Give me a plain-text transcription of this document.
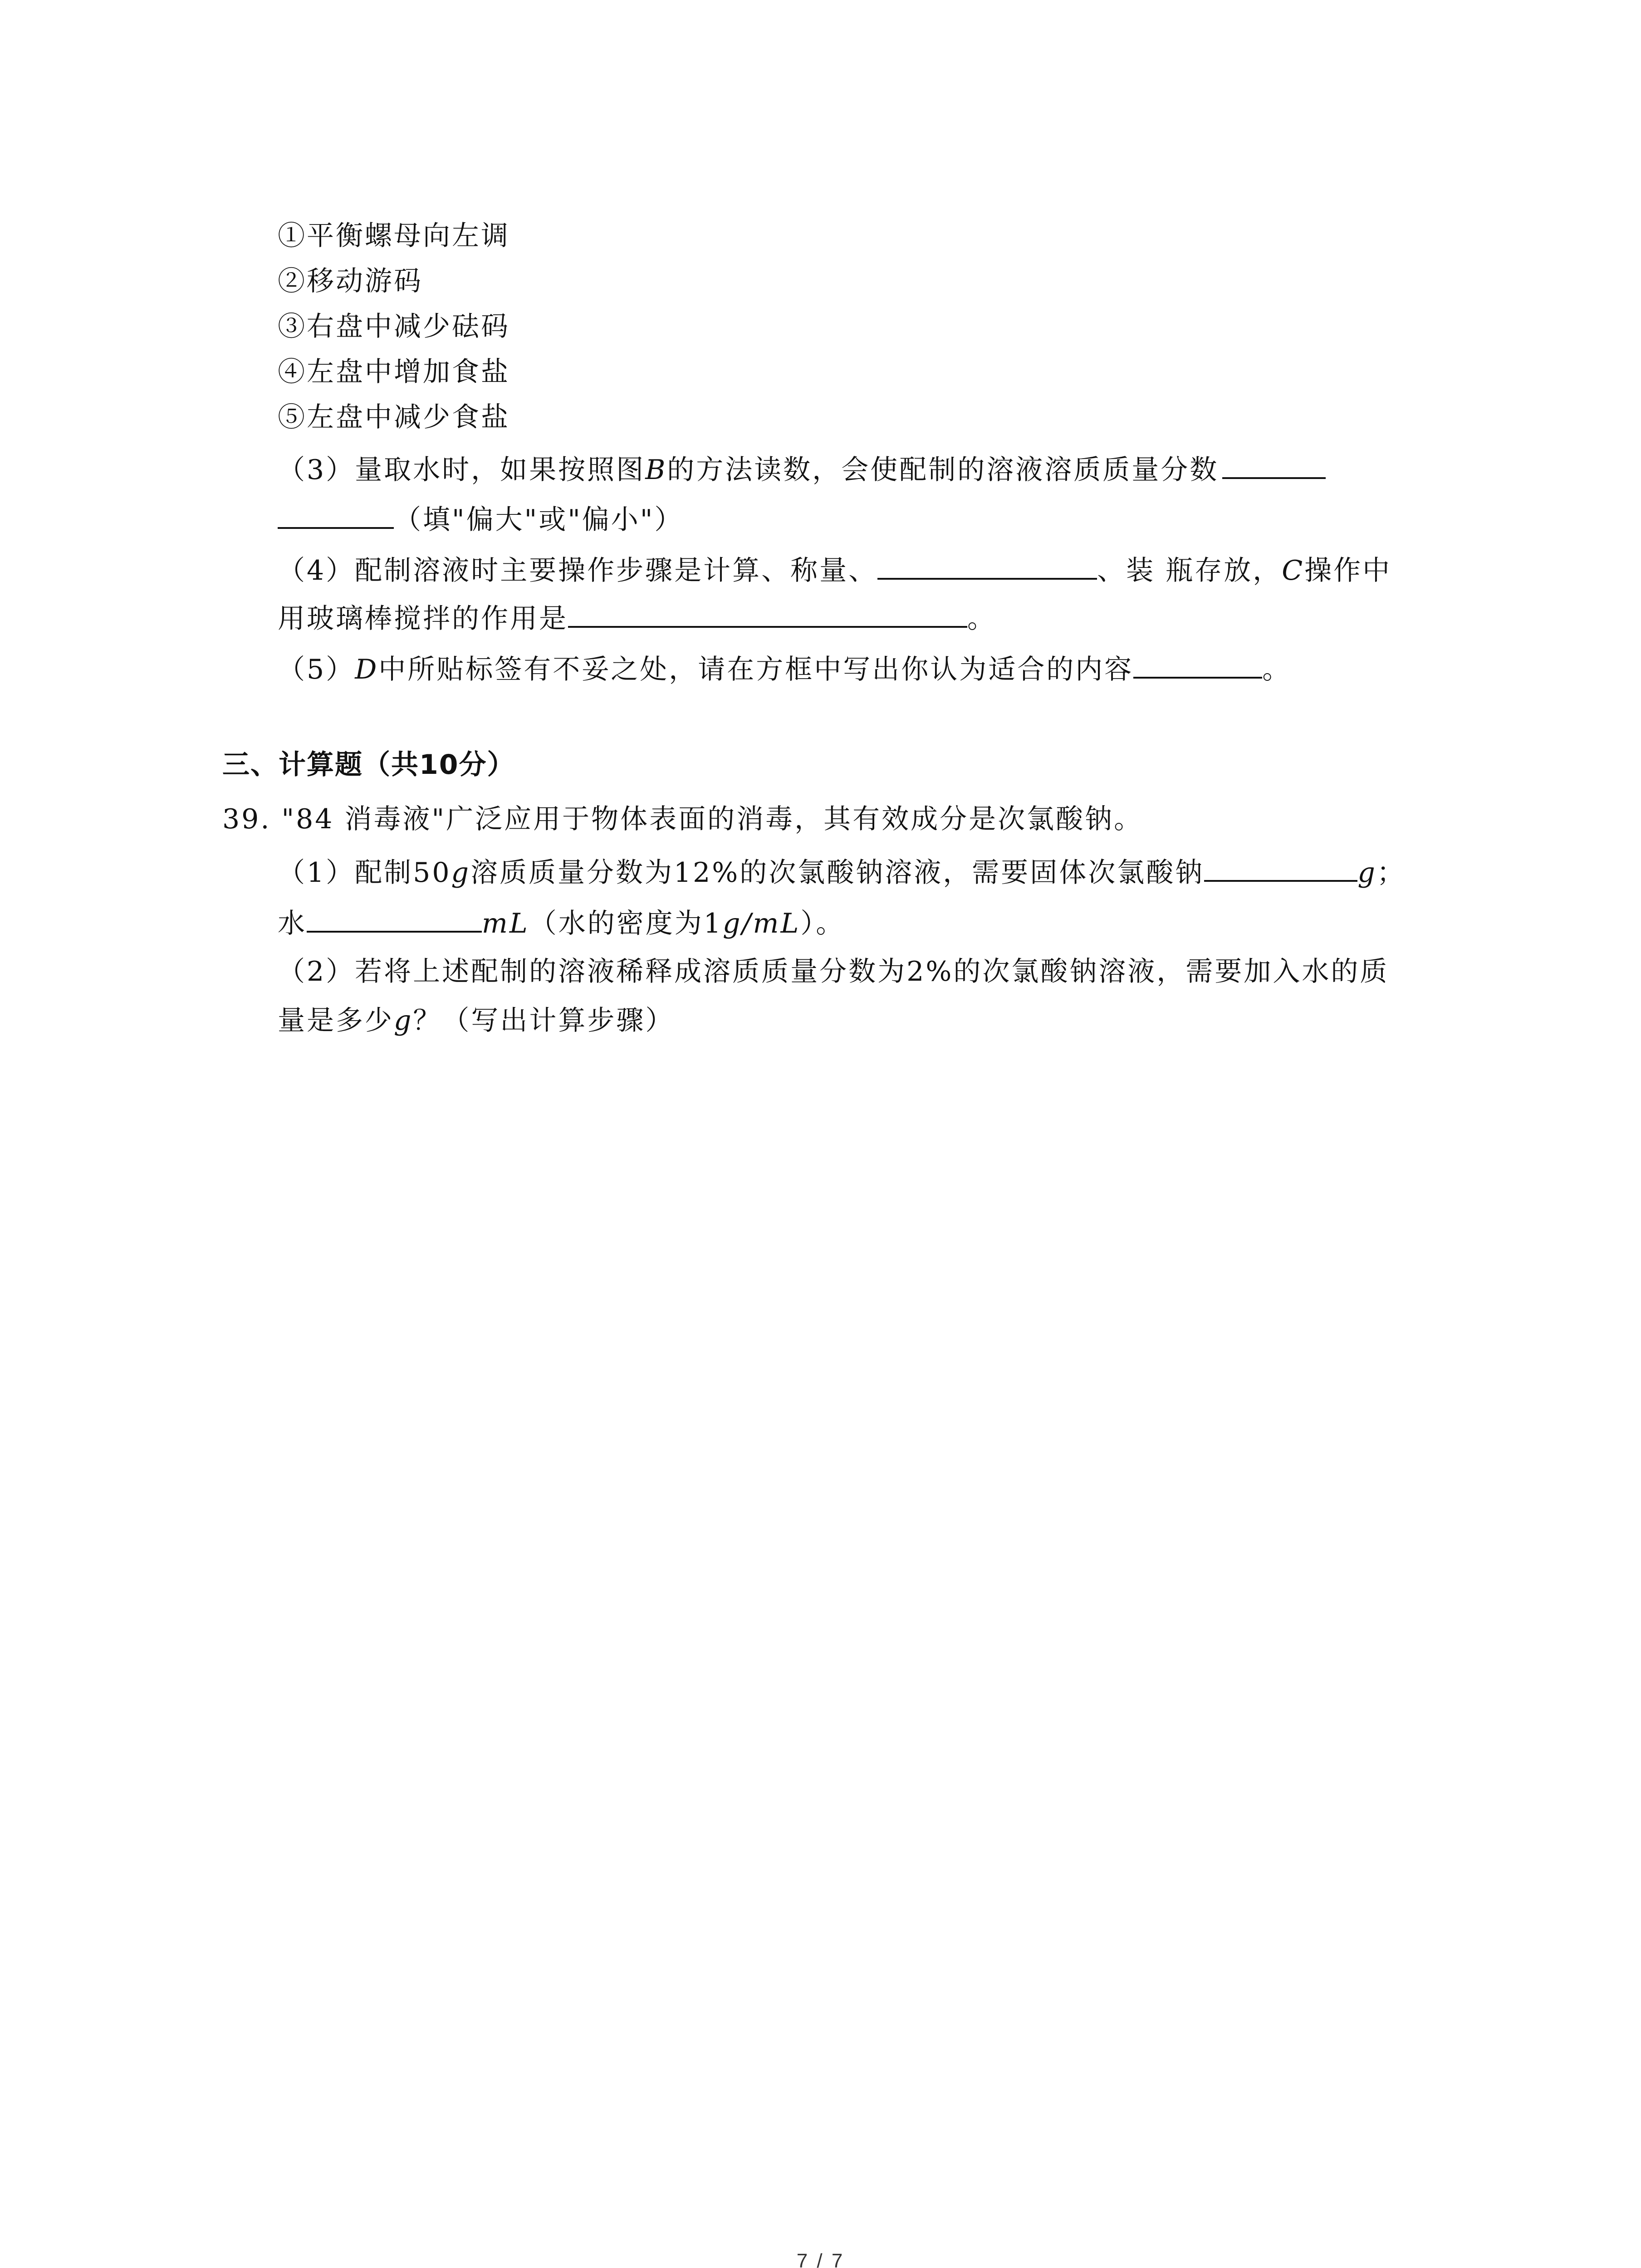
①平衡螺母向左调
②移动游码
③右盘中减少砝码
④左盘中增加食盐
⑤左盘中减少食盐
（3）量取水时，如果按照图B的方法读数，会使配制的溶液溶质质量分数
（填"偏大"或"偏小"）
（4）配制溶液时主要操作步骤是计算、称量、	、装 瓶存放，C操作中
用玻璃棒搅拌的作用是	。
（5）D中所贴标签有不妥之处，请在方框中写出你认为适合的内容	。
三、计算题（共10分）
39. "84 消毒液"广泛应用于物体表面的消毒，其有效成分是次氯酸钠。
（1）配制50g溶质质量分数为12%的次氯酸钠溶液，需要固体次氯酸钠	g；
水	mL（水的密度为1g/mL）。
（2）若将上述配制的溶液稀释成溶质质量分数为2%的次氯酸钠溶液，需要加入水的质
量是多少g？（写出计算步骤）
7 / 7
